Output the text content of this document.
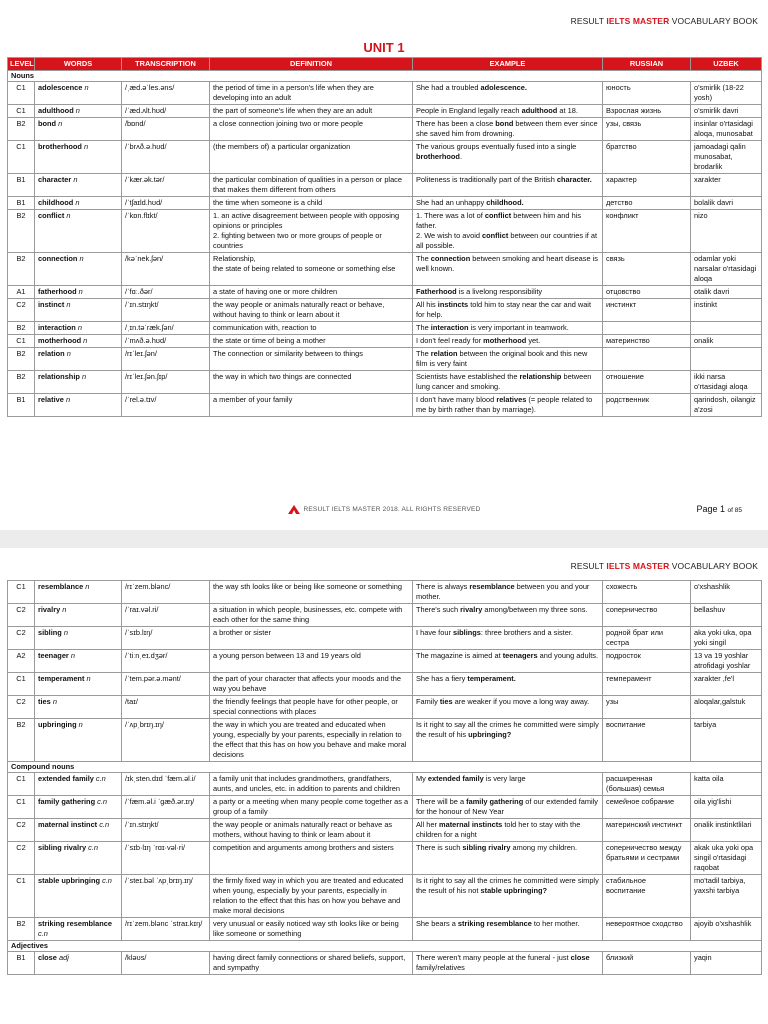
RESULT IELTS MASTER VOCABULARY BOOK
UNIT 1
LEVEL	WORDS	TRANSCRIPTION	DEFINITION	EXAMPLE	RUSSIAN	UZBEK
Nouns						
C1	adolescence n	/ˌæd.əˈles.əns/	the period of time in a person's life when they are developing into an adult	She had a troubled adolescence.	юность	o'smirlik (18-22 yosh)
C1	adulthood n	/ˈæd.ʌlt.hʊd/	the part of someone's life when they are an adult	People in England legally reach adulthood at 18.	Взрослая жизнь	o'smirlik davri
B2	bond n	/bɒnd/	a close connection joining two or more people	There has been a close bond between them ever since she saved him from drowning.	узы, связь	insinlar o'rtasidagi aloqa, munosabat
C1	brotherhood n	/ˈbrʌð.ə.hʊd/	(the members of) a particular organization	The various groups eventually fused into a single brotherhood.	братство	jamoadagi qalin munosabat, brodarlik
B1	character n	/ˈkær.ək.tər/	the particular combination of qualities in a person or place that makes them different from others	Politeness is traditionally part of the British character.	характер	xarakter
B1	childhood n	/ˈtʃaɪld.hʊd/	the time when someone is a child	She had an unhappy childhood.	детство	bolalik davri
B2	conflict n	/ˈkɒn.flɪkt/	1. an active disagreement between people with opposing opinions or principles
2. fighting between two or more groups of people or countries	1. There was a lot of conflict between him and his father.
2. We wish to avoid conflict between our countries if at all possible.	конфликт	nizo
B2	connection n	/kəˈnek.ʃən/	Relationship,
the state of being related to someone or something else	The connection between smoking and heart disease is well known.	связь	odamlar yoki narsalar o'rtasidagi aloqa
A1	fatherhood n	/ˈfɑː.ðər/	a state of having one or more children	Fatherhood is a livelong responsibility	отцовство	otalik davri
C2	instinct n	/ˈɪn.stɪŋkt/	the way people or animals naturally react or behave, without having to think or learn about it	All his instincts told him to stay near the car and wait for help.	инстинкт	instinkt
B2	interaction n	/ˌɪn.təˈræk.ʃən/	communication with, reaction to	The interaction is very important in teamwork.		
C1	motherhood n	/ˈmʌð.ə.hʊd/	the state or time of being a mother	I don't feel ready for motherhood yet.	материнство	onalik
B2	relation n	/rɪˈleɪ.ʃən/	The connection or similarity between to things	The relation between the original book and this new film is very faint		
B2	relationship n	/rɪˈleɪ.ʃən.ʃɪp/	the way in which two things are connected	Scientists have established the relationship between lung cancer and smoking.	отношение	ikki narsa o'rtasidagi aloqa
B1	relative n	/ˈrel.ə.tɪv/	a member of your family	I don't have many blood relatives (= people related to me by birth rather than by marriage).	родственник	qarindosh, oilangiz a'zosi
RESULT IELTS MASTER 2018. ALL RIGHTS RESERVED	Page 1 of 85
RESULT IELTS MASTER VOCABULARY BOOK
C1	resemblance n	/rɪˈzem.blənc/	the way sth looks like or being like someone or something	There is always resemblance between you and your mother.	схожесть	o'xshashlik
C2	rivalry n	/ˈraɪ.vəl.ri/	a situation in which people, businesses, etc. compete with each other for the same thing	There's such rivalry among/between my three sons.	соперничество	bellashuv
C2	sibling n	/ˈsɪb.lɪŋ/	a brother or sister	I have four siblings: three brothers and a sister.	родной брат или сестра	aka yoki uka, opa yoki singil
A2	teenager n	/ˈtiːnˌeɪ.dʒər/	a young person between 13 and 19 years old	The magazine is aimed at teenagers and young adults.	подросток	13 va 19 yoshlar atrofidagi yoshlar
C1	temperament n	/ˈtem.pər.ə.mənt/	the part of your character that affects your moods and the way you behave	She has a fiery temperament.	темперамент	xarakter ,fe'l
C2	ties n	/taɪ/	the friendly feelings that people have for other people, or special connections with places	Family ties are weaker if you move a long way away.	узы	aloqalar,galstuk
B2	upbringing n	/ˈʌpˌbrɪŋ.ɪŋ/	the way in which you are treated and educated when young, especially by your parents, especially in relation to the effect that this has on how you behave and make moral decisions	Is it right to say all the crimes he committed were simply the result of his upbringing?	воспитание	tarbiya
Compound nouns						
C1	extended family c.n	/ɪkˌsten.dɪd ˈfæm.əl.i/	a family unit that includes grandmothers, grandfathers, aunts, and uncles, etc. in addition to parents and children	My extended family is very large	расширенная (большая) семья	katta oila
C1	family gathering c.n	/ˈfæm.əl.i ˈɡæð.ər.ɪŋ/	a party or a meeting when many people come together as a group of a family	There will be a family gathering of our extended family for the honour of New Year	семейное собрание	oila yig'lishi
C2	maternal instinct c.n	/ˈɪn.stɪŋkt/	the way people or animals naturally react or behave as mothers, without having to think or learn about it	All her maternal instincts told her to stay with the children for a night	материнский инстинкт	onalik instinktlilari
C2	sibling rivalry c.n	/ˈsɪb·lɪŋ ˈrɑɪ·vəl·ri/	competition and arguments among brothers and sisters	There is such sibling rivalry among my children.	соперничество между братьями и сестрами	akak uka yoki opa singil o'rtasidagi raqobat
C1	stable upbringing c.n	/ˈsteɪ.bəl ˈʌpˌbrɪŋ.ɪŋ/	the firmly fixed way in which you are treated and educated when young, especially by your parents, especially in relation to the effect that this has on how you behave and make moral decisions	Is it right to say all the crimes he committed were simply the result of his not stable upbringing?	стабильное воспитание	mo'tadil tarbiya, yaxshi tarbiya
B2	striking resemblance c.n	/rɪˈzem.blənc ˈstraɪ.kɪŋ/	very unusual or easily noticed way sth looks like or being like someone or something	She bears a striking resemblance to her mother.	невероятное сходство	ajoyib o'xshashlik
Adjectives						
B1	close adj	/kləʊs/	having direct family connections or shared beliefs, support, and sympathy	There weren't many people at the funeral - just close family/relatives	близкий	yaqin
